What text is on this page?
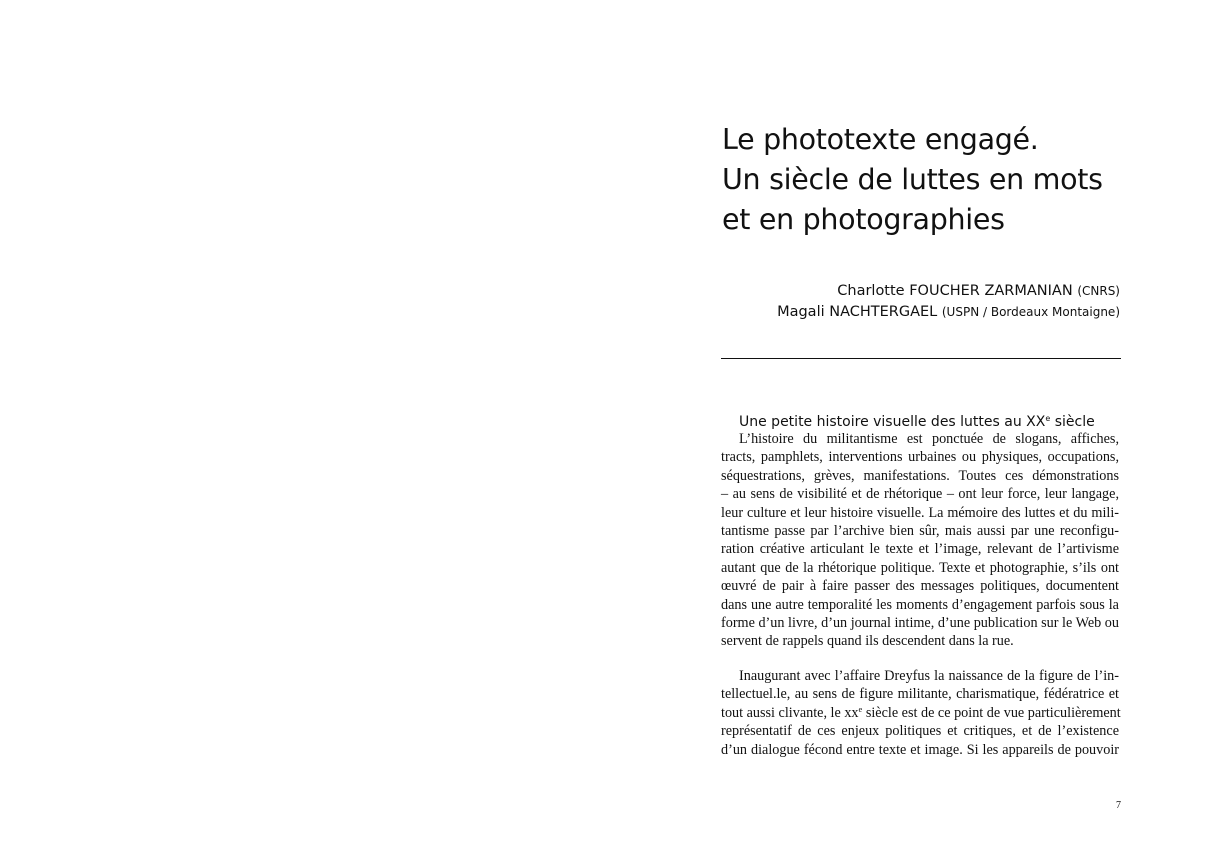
Le phototexte engagé.
Un siècle de luttes en mots
et en photographies
Charlotte FOUCHER ZARMANIAN (CNRS)
Magali NACHTERGAEL (USPN / Bordeaux Montaigne)
Une petite histoire visuelle des luttes au XXe siècle
L’histoire du militantisme est ponctuée de slogans, affiches,
tracts, pamphlets, interventions urbaines ou physiques, occupations,
séquestrations, grèves, manifestations. Toutes ces démonstrations
– au sens de visibilité et de rhétorique – ont leur force, leur langage,
leur culture et leur histoire visuelle. La mémoire des luttes et du mili-
tantisme passe par l’archive bien sûr, mais aussi par une reconfigu-
ration créative articulant le texte et l’image, relevant de l’artivisme
autant que de la rhétorique politique. Texte et photographie, s’ils ont
œuvré de pair à faire passer des messages politiques, documentent
dans une autre temporalité les moments d’engagement parfois sous la
forme d’un livre, d’un journal intime, d’une publication sur le Web ou
servent de rappels quand ils descendent dans la rue.
Inaugurant avec l’affaire Dreyfus la naissance de la figure de l’in-
tellectuel.le, au sens de figure militante, charismatique, fédératrice et
tout aussi clivante, le $xx^e$ siècle est de ce point de vue particulièrement
représentatif de ces enjeux politiques et critiques, et de l’existence
d’un dialogue fécond entre texte et image. Si les appareils de pouvoir
7
